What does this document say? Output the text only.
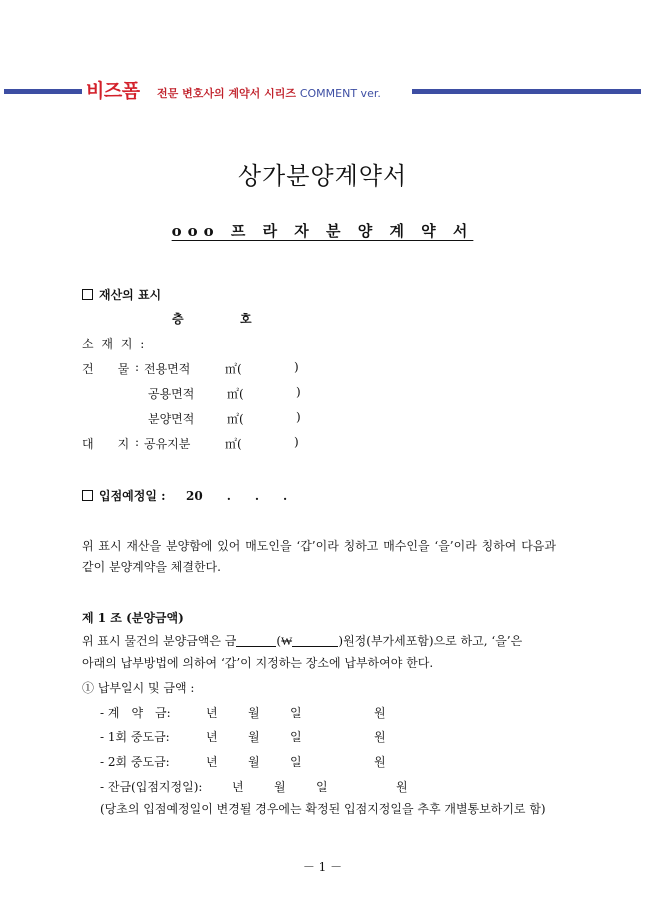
비즈폼 전문 변호사의 계약서 시리즈 COMMENT ver.
상가분양계약서
ooo 프 라 자 분 양 계 약 서
재산의 표시
층	호
소 재 지 :
건　　물 : 전용면적	㎡(	)
공용면적	㎡(	)
분양면적	㎡(	)
대　　지 : 공유지분	㎡(	)
입점예정일 : 20　　.　　.　　.
위 표시 재산을 분양함에 있어 매도인을 ‘갑’이라 칭하고 매수인을 ‘을’이라 칭하여 다음과 같이 분양계약을 체결한다.
제 1 조 (분양금액)
위 표시 물건의 분양금액은 금	(₩	)원정(부가세포함)으로 하고, ‘을’은
아래의 납부방법에 의하여 ‘갑’이 지정하는 장소에 납부하여야 한다.
① 납부일시 및 금액 :
- 계　약　금:	년	월	일	원
- 1회 중도금:	년	월	일	원
- 2회 중도금:	년	월	일	원
- 잔금(입점지정일): 년	월	일	원
(당초의 입점예정일이 변경될 경우에는 확정된 입점지정일을 추후 개별통보하기로 함)
－ 1 －
